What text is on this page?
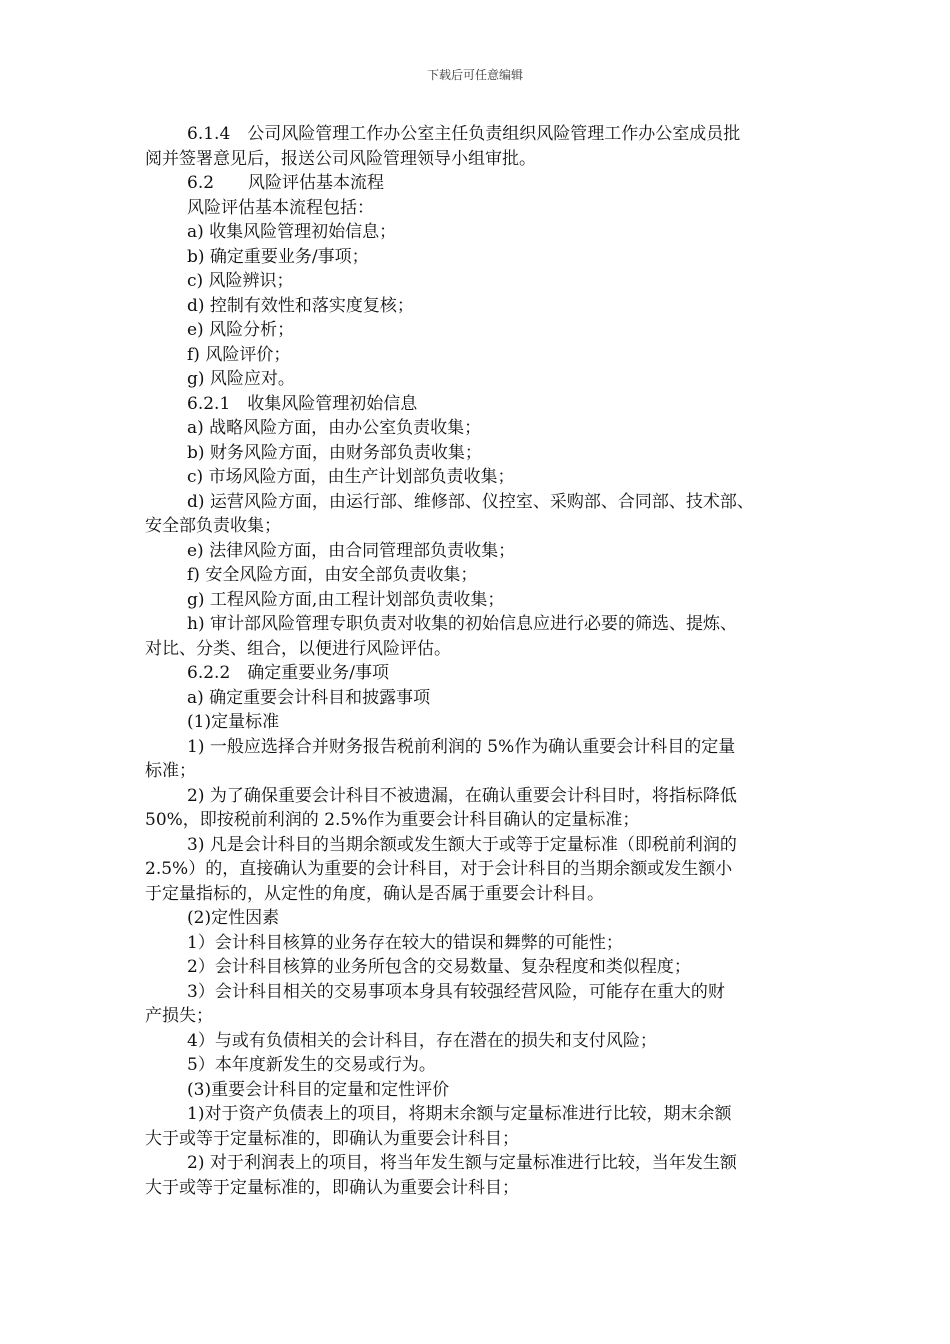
下载后可任意编辑
6.1.4　公司风险管理工作办公室主任负责组织风险管理工作办公室成员批
阅并签署意见后，报送公司风险管理领导小组审批。
6.2　　风险评估基本流程
风险评估基本流程包括：
a) 收集风险管理初始信息；
b) 确定重要业务/事项；
c) 风险辨识；
d) 控制有效性和落实度复核；
e) 风险分析；
f) 风险评价；
g) 风险应对。
6.2.1　收集风险管理初始信息
a) 战略风险方面，由办公室负责收集；
b) 财务风险方面，由财务部负责收集；
c) 市场风险方面，由生产计划部负责收集；
d) 运营风险方面，由运行部、维修部、仪控室、采购部、合同部、技术部、
安全部负责收集；
e) 法律风险方面，由合同管理部负责收集；
f) 安全风险方面，由安全部负责收集；
g) 工程风险方面,由工程计划部负责收集；
h) 审计部风险管理专职负责对收集的初始信息应进行必要的筛选、提炼、
对比、分类、组合，以便进行风险评估。
6.2.2　确定重要业务/事项
a) 确定重要会计科目和披露事项
(1)定量标准
1) 一般应选择合并财务报告税前利润的 5%作为确认重要会计科目的定量
标准；
2) 为了确保重要会计科目不被遗漏，在确认重要会计科目时，将指标降低
50%，即按税前利润的 2.5%作为重要会计科目确认的定量标准；
3) 凡是会计科目的当期余额或发生额大于或等于定量标准（即税前利润的
2.5%）的，直接确认为重要的会计科目，对于会计科目的当期余额或发生额小
于定量指标的，从定性的角度，确认是否属于重要会计科目。
(2)定性因素
1）会计科目核算的业务存在较大的错误和舞弊的可能性；
2）会计科目核算的业务所包含的交易数量、复杂程度和类似程度；
3）会计科目相关的交易事项本身具有较强经营风险，可能存在重大的财
产损失；
4）与或有负债相关的会计科目，存在潜在的损失和支付风险；
5）本年度新发生的交易或行为。
(3)重要会计科目的定量和定性评价
1)对于资产负债表上的项目，将期末余额与定量标准进行比较，期末余额
大于或等于定量标准的，即确认为重要会计科目；
2) 对于利润表上的项目，将当年发生额与定量标准进行比较，当年发生额
大于或等于定量标准的，即确认为重要会计科目；
